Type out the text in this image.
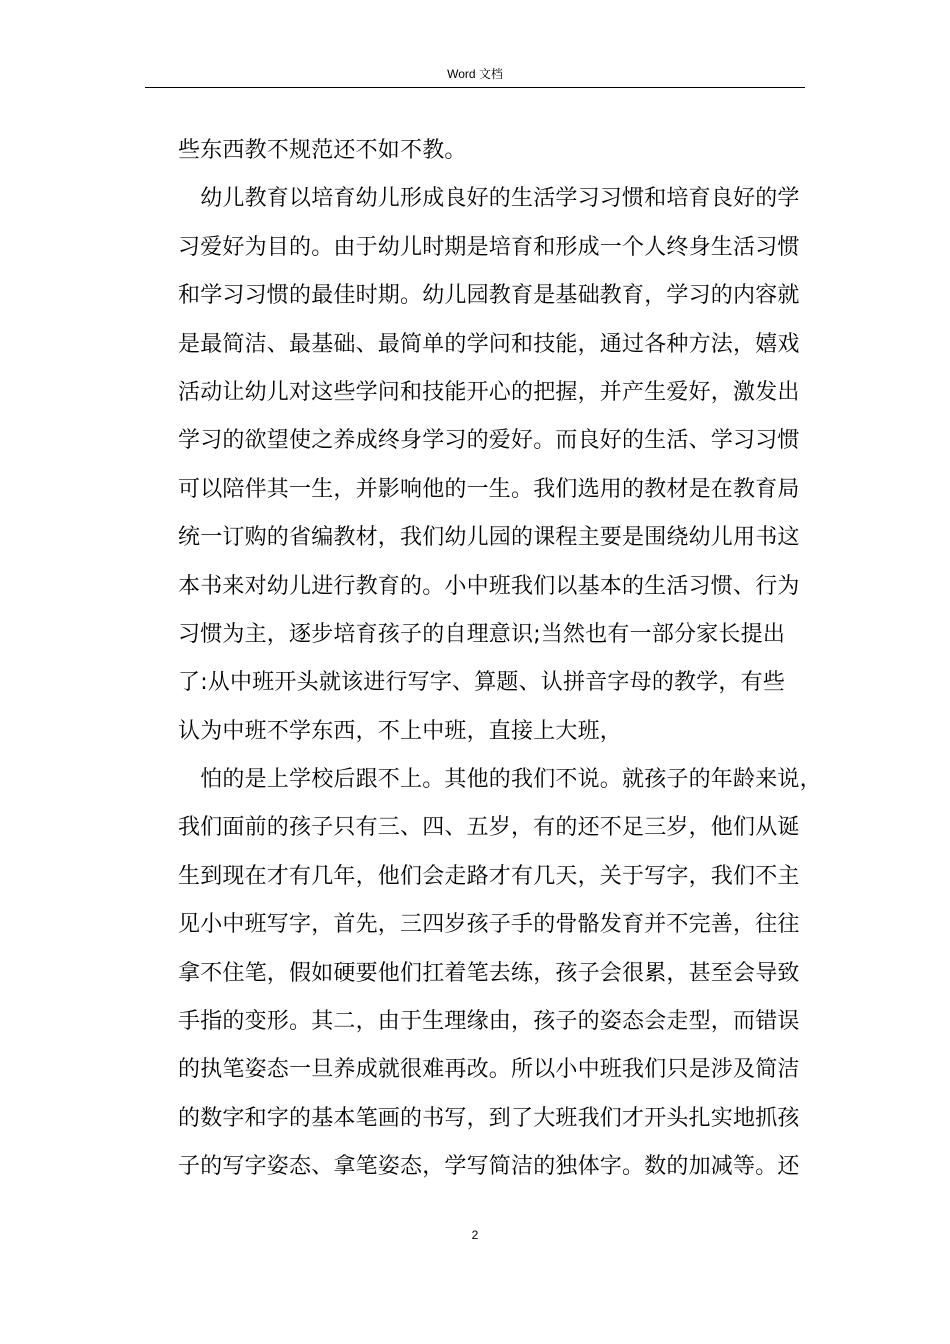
Word 文档
些东西教不规范还不如不教。
　幼儿教育以培育幼儿形成良好的生活学习习惯和培育良好的学
习爱好为目的。由于幼儿时期是培育和形成一个人终身生活习惯
和学习习惯的最佳时期。幼儿园教育是基础教育，学习的内容就
是最简洁、最基础、最简单的学问和技能，通过各种方法，嬉戏
活动让幼儿对这些学问和技能开心的把握，并产生爱好，激发出
学习的欲望使之养成终身学习的爱好。而良好的生活、学习习惯
可以陪伴其一生，并影响他的一生。我们选用的教材是在教育局
统一订购的省编教材，我们幼儿园的课程主要是围绕幼儿用书这
本书来对幼儿进行教育的。小中班我们以基本的生活习惯、行为
习惯为主，逐步培育孩子的自理意识;当然也有一部分家长提出
了:从中班开头就该进行写字、算题、认拼音字母的教学，有些
认为中班不学东西，不上中班，直接上大班，
　怕的是上学校后跟不上。其他的我们不说。就孩子的年龄来说，
我们面前的孩子只有三、四、五岁，有的还不足三岁，他们从诞
生到现在才有几年，他们会走路才有几天，关于写字，我们不主
见小中班写字，首先，三四岁孩子手的骨骼发育并不完善，往往
拿不住笔，假如硬要他们扛着笔去练，孩子会很累，甚至会导致
手指的变形。其二，由于生理缘由，孩子的姿态会走型，而错误
的执笔姿态一旦养成就很难再改。所以小中班我们只是涉及简洁
的数字和字的基本笔画的书写，到了大班我们才开头扎实地抓孩
子的写字姿态、拿笔姿态，学写简洁的独体字。数的加减等。还
2
